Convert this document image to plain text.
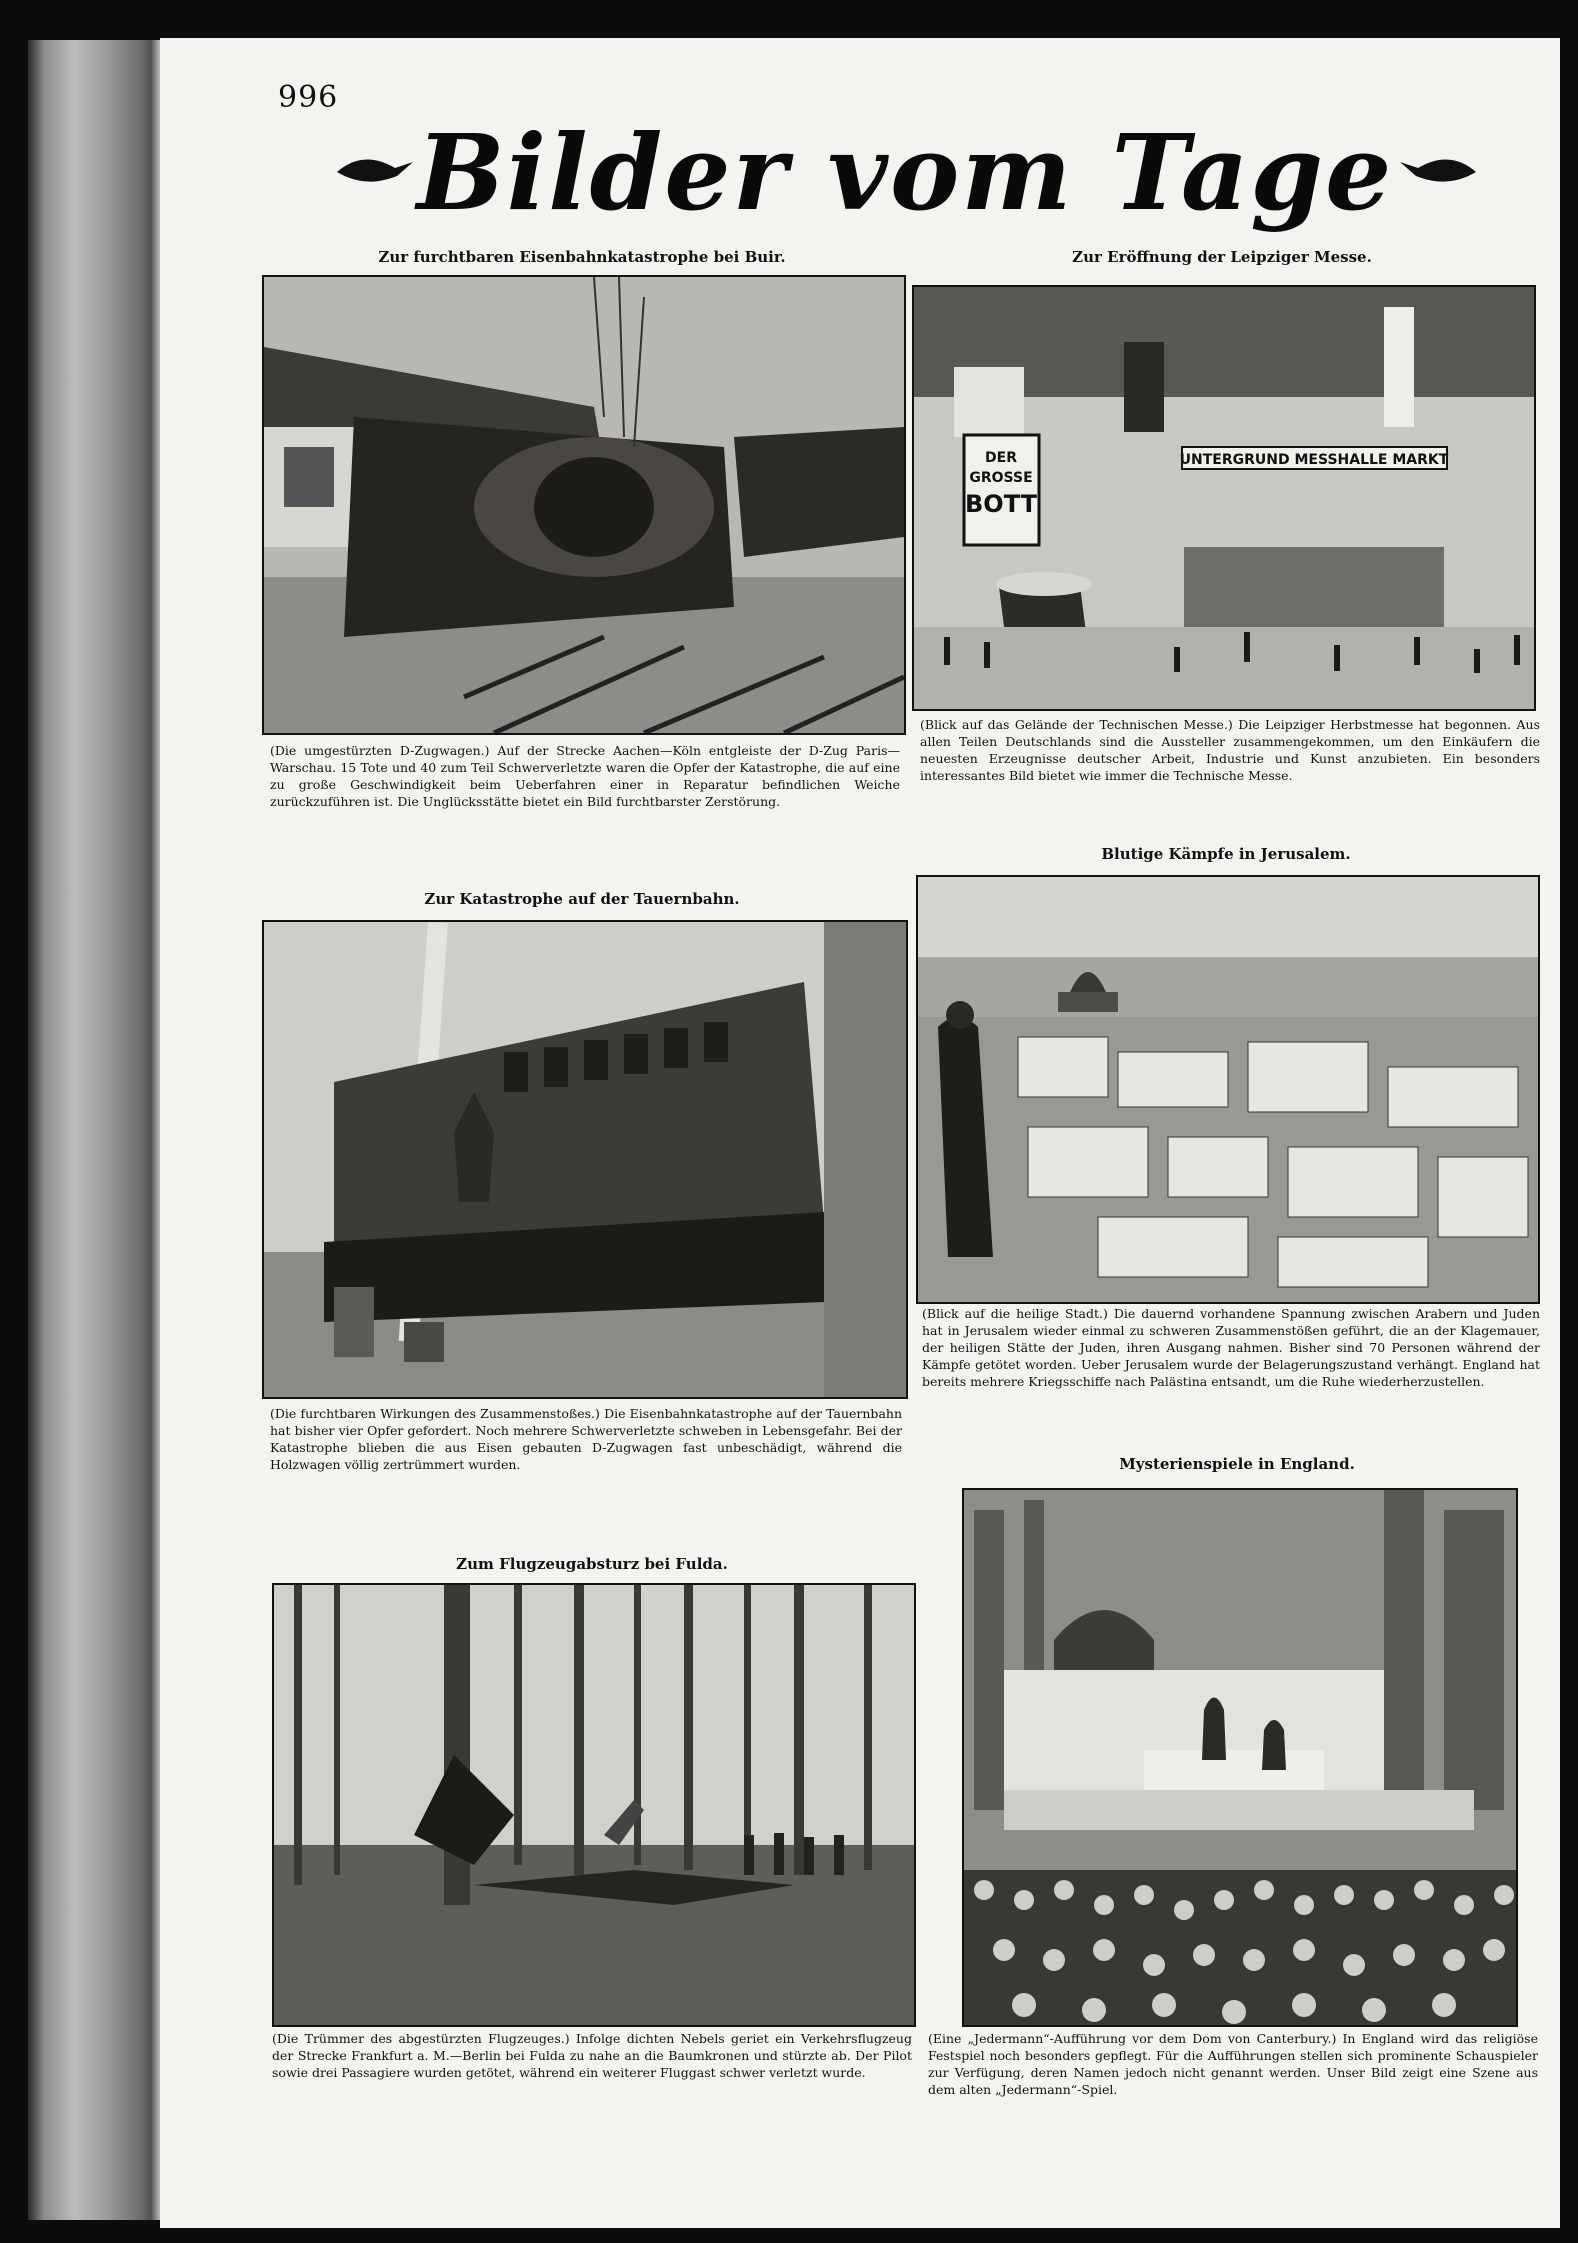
996
Bilder vom Tage
Zur furchtbaren Eisenbahnkatastrophe bei Buir.
(Die umgestürzten D-Zugwagen.) Auf der Strecke Aachen—Köln entgleiste der D-Zug Paris—Warschau. 15 Tote und 40 zum Teil Schwerverletzte waren die Opfer der Katastrophe, die auf eine zu große Geschwindigkeit beim Ueberfahren einer in Reparatur befindlichen Weiche zurückzuführen ist. Die Unglücksstätte bietet ein Bild furchtbarster Zerstörung.
Zur Eröffnung der Leipziger Messe.
DER
GROSSE
BOTT
UNTERGRUND MESSHALLE MARKT
(Blick auf das Gelände der Technischen Messe.) Die Leipziger Herbstmesse hat begonnen. Aus allen Teilen Deutschlands sind die Aussteller zusammengekommen, um den Einkäufern die neuesten Erzeugnisse deutscher Arbeit, Industrie und Kunst anzubieten. Ein besonders interessantes Bild bietet wie immer die Technische Messe.
Zur Katastrophe auf der Tauernbahn.
(Die furchtbaren Wirkungen des Zusammenstoßes.) Die Eisenbahnkatastrophe auf der Tauernbahn hat bisher vier Opfer gefordert. Noch mehrere Schwerverletzte schweben in Lebensgefahr. Bei der Katastrophe blieben die aus Eisen gebauten D-Zugwagen fast unbeschädigt, während die Holzwagen völlig zertrümmert wurden.
Blutige Kämpfe in Jerusalem.
(Blick auf die heilige Stadt.) Die dauernd vorhandene Spannung zwischen Arabern und Juden hat in Jerusalem wieder einmal zu schweren Zusammenstößen geführt, die an der Klagemauer, der heiligen Stätte der Juden, ihren Ausgang nahmen. Bisher sind 70 Personen während der Kämpfe getötet worden. Ueber Jerusalem wurde der Belagerungszustand verhängt. England hat bereits mehrere Kriegsschiffe nach Palästina entsandt, um die Ruhe wiederherzustellen.
Zum Flugzeugabsturz bei Fulda.
(Die Trümmer des abgestürzten Flugzeuges.) Infolge dichten Nebels geriet ein Verkehrsflugzeug der Strecke Frankfurt a. M.—Berlin bei Fulda zu nahe an die Baumkronen und stürzte ab. Der Pilot sowie drei Passagiere wurden getötet, während ein weiterer Fluggast schwer verletzt wurde.
Mysterienspiele in England.
(Eine „Jedermann“-Aufführung vor dem Dom von Canterbury.) In England wird das religiöse Festspiel noch besonders gepflegt. Für die Aufführungen stellen sich prominente Schauspieler zur Verfügung, deren Namen jedoch nicht genannt werden. Unser Bild zeigt eine Szene aus dem alten „Jedermann“-Spiel.
